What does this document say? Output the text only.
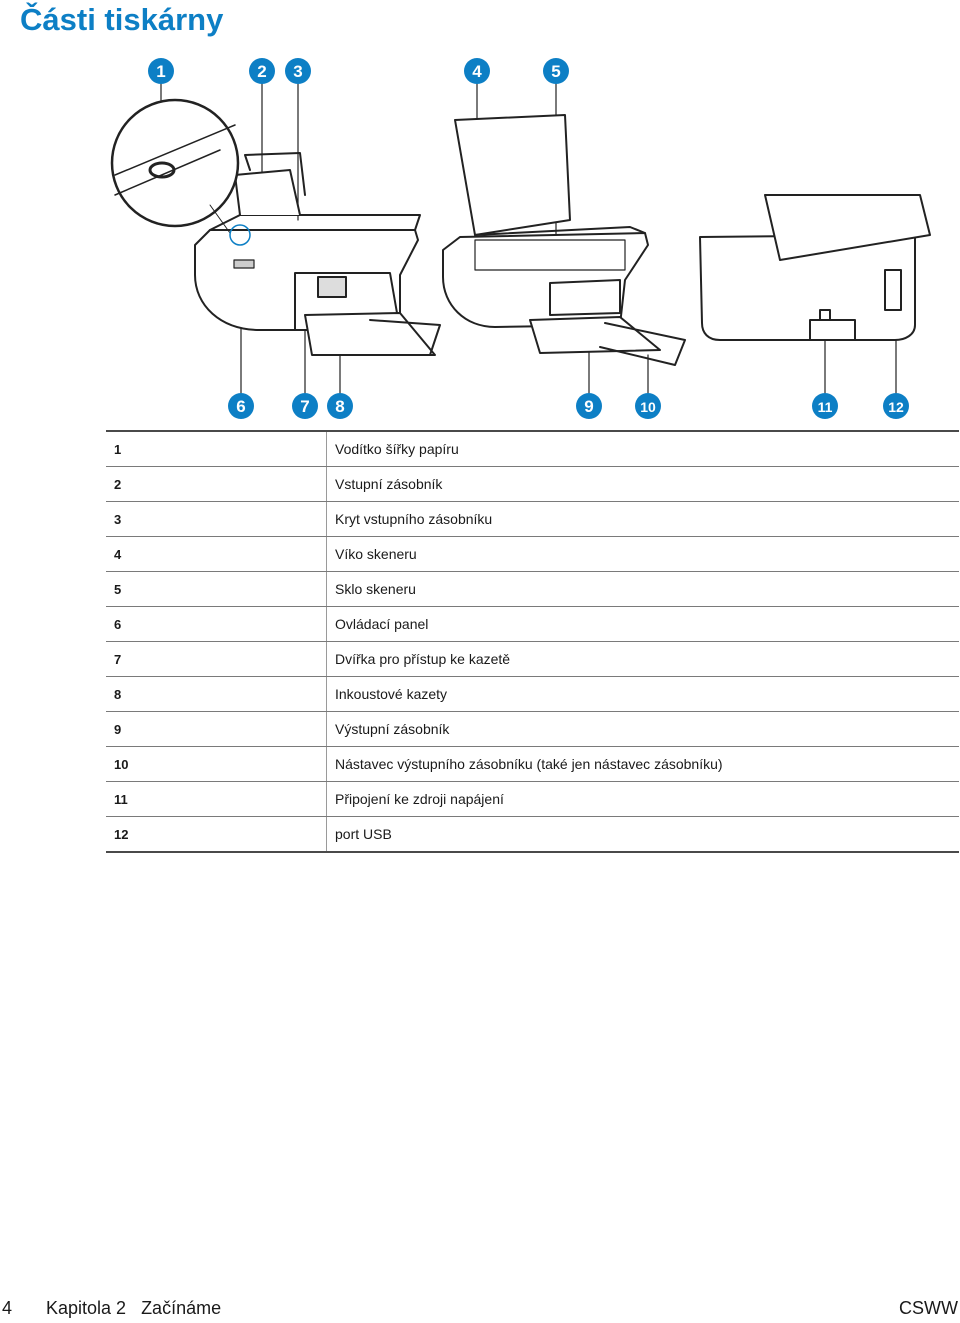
Části tiskárny
1	2 3	4	5
6	7 8	9	10	11	12
1	Vodítko šířky papíru
2	Vstupní zásobník
3	Kryt vstupního zásobníku
4	Víko skeneru
5	Sklo skeneru
6	Ovládací panel
7	Dvířka pro přístup ke kazetě
8	Inkoustové kazety
9	Výstupní zásobník
10	Nástavec výstupního zásobníku (také jen nástavec zásobníku)
11	Připojení ke zdroji napájení
12	port USB
4 Kapitola 2   Začínáme	CSWW
